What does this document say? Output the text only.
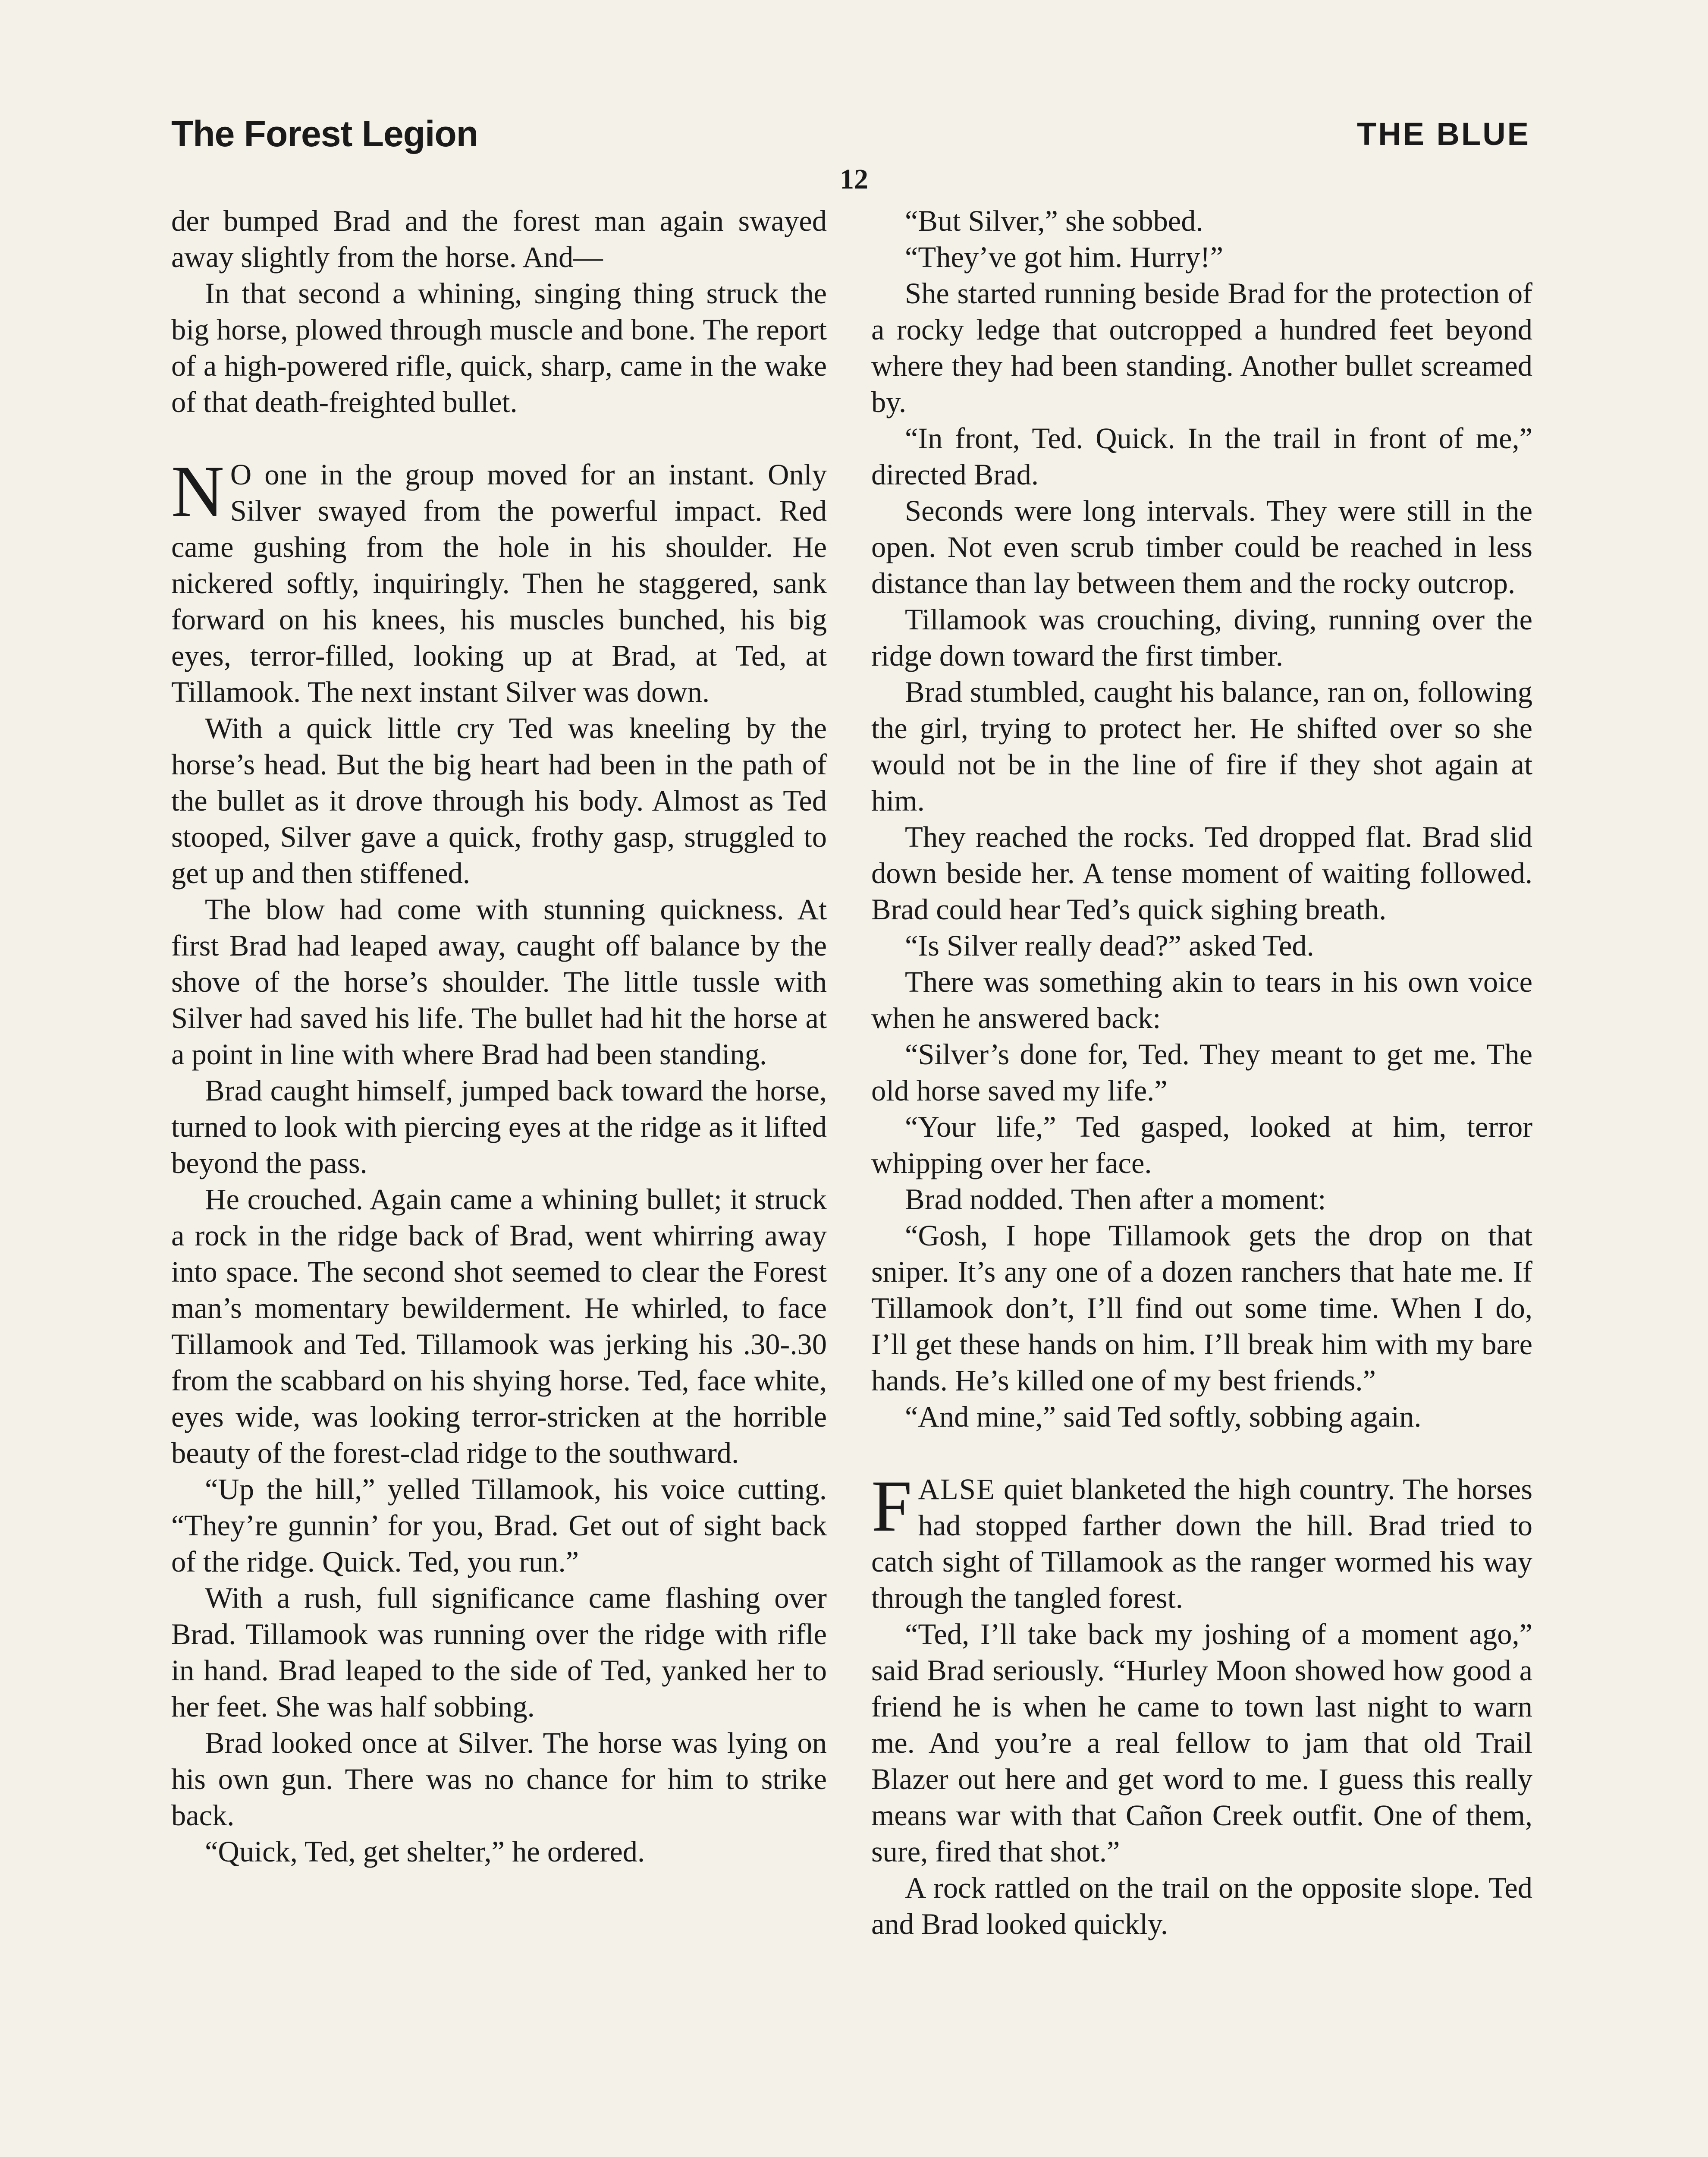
The Forest Legion	THE BLUE
12

der bumped Brad and the forest man again swayed away slightly from the horse. And—

In that second a whining, singing thing struck the big horse, plowed through muscle and bone. The report of a high-powered rifle, quick, sharp, came in the wake of that death-freighted bullet.

N O one in the group moved for an instant. Only Silver swayed from the powerful impact. Red came gushing from the hole in his shoulder. He nickered softly, inquiringly. Then he staggered, sank forward on his knees, his muscles bunched, his big eyes, terror-filled, looking up at Brad, at Ted, at Tillamook. The next instant Silver was down.

With a quick little cry Ted was kneeling by the horse’s head. But the big heart had been in the path of the bullet as it drove through his body. Almost as Ted stooped, Silver gave a quick, frothy gasp, struggled to get up and then stiffened.

The blow had come with stunning quickness. At first Brad had leaped away, caught off balance by the shove of the horse’s shoulder. The little tussle with Silver had saved his life. The bullet had hit the horse at a point in line with where Brad had been standing.

Brad caught himself, jumped back toward the horse, turned to look with piercing eyes at the ridge as it lifted beyond the pass.

He crouched. Again came a whining bullet; it struck a rock in the ridge back of Brad, went whirring away into space. The second shot seemed to clear the Forest man’s momentary bewilderment. He whirled, to face Tillamook and Ted. Tillamook was jerking his .30-.30 from the scabbard on his shying horse. Ted, face white, eyes wide, was looking terror-stricken at the horrible beauty of the forest-clad ridge to the southward.

“Up the hill,” yelled Tillamook, his voice cutting. “They’re gunnin’ for you, Brad. Get out of sight back of the ridge. Quick. Ted, you run.”

With a rush, full significance came flashing over Brad. Tillamook was running over the ridge with rifle in hand. Brad leaped to the side of Ted, yanked her to her feet. She was half sobbing.

Brad looked once at Silver. The horse was lying on his own gun. There was no chance for him to strike back.

“Quick, Ted, get shelter,” he ordered.

“But Silver,” she sobbed.

“They’ve got him. Hurry!”

She started running beside Brad for the protection of a rocky ledge that outcropped a hundred feet beyond where they had been standing. Another bullet screamed by.

“In front, Ted. Quick. In the trail in front of me,” directed Brad.

Seconds were long intervals. They were still in the open. Not even scrub timber could be reached in less distance than lay between them and the rocky outcrop.

Tillamook was crouching, diving, running over the ridge down toward the first timber.

Brad stumbled, caught his balance, ran on, following the girl, trying to protect her. He shifted over so she would not be in the line of fire if they shot again at him.

They reached the rocks. Ted dropped flat. Brad slid down beside her. A tense moment of waiting followed. Brad could hear Ted’s quick sighing breath.

“Is Silver really dead?” asked Ted.

There was something akin to tears in his own voice when he answered back:

“Silver’s done for, Ted. They meant to get me. The old horse saved my life.”

“Your life,” Ted gasped, looked at him, terror whipping over her face.

Brad nodded. Then after a moment:

“Gosh, I hope Tillamook gets the drop on that sniper. It’s any one of a dozen ranchers that hate me. If Tillamook don’t, I’ll find out some time. When I do, I’ll get these hands on him. I’ll break him with my bare hands. He’s killed one of my best friends.”

“And mine,” said Ted softly, sobbing again.

FALSE quiet blanketed the high country. The horses had stopped farther down the hill. Brad tried to catch sight of Tillamook as the ranger wormed his way through the tangled forest.

“Ted, I’ll take back my joshing of a moment ago,” said Brad seriously. “Hurley Moon showed how good a friend he is when he came to town last night to warn me. And you’re a real fellow to jam that old Trail Blazer out here and get word to me. I guess this really means war with that Cañon Creek outfit. One of them, sure, fired that shot.”

A rock rattled on the trail on the opposite slope. Ted and Brad looked quickly.
